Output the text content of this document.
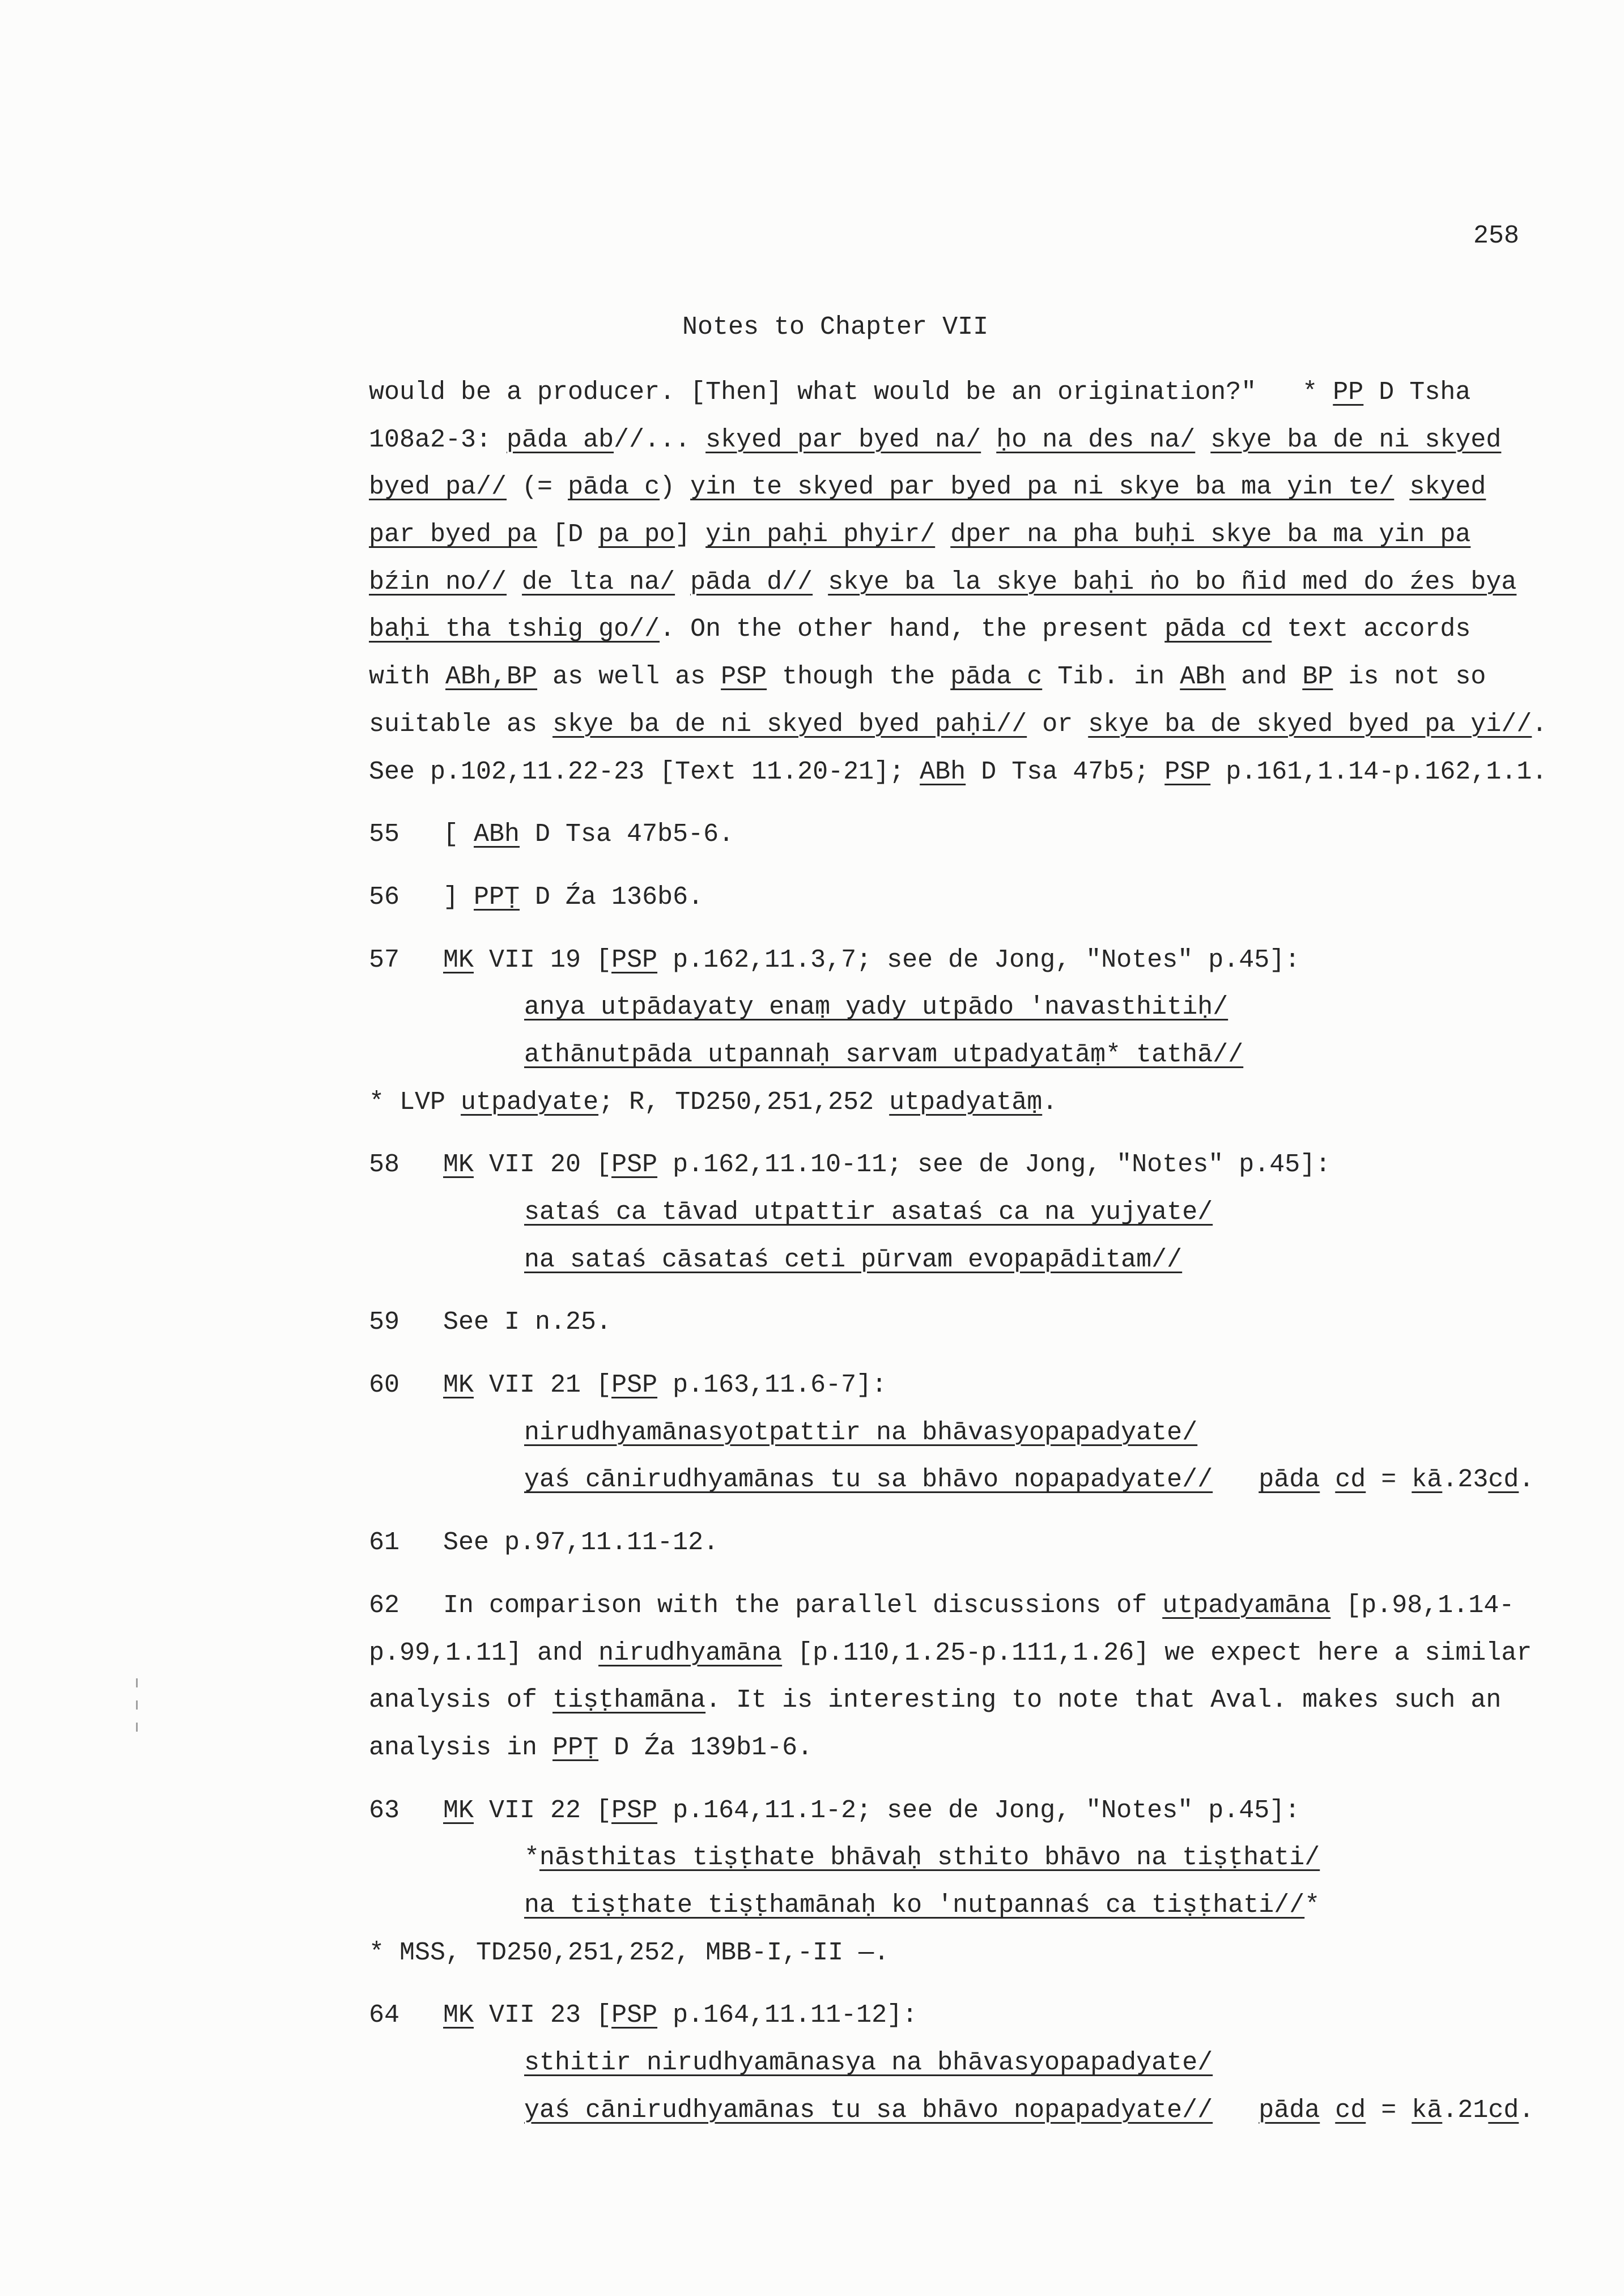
258
Notes to Chapter VII
would be a producer. [Then] what would be an origination?"   * PP D Tsha
108a2-3: pāda ab//... skyed par byed na/ ḥo na des na/ skye ba de ni skyed
byed pa// (= pāda c) yin te skyed par byed pa ni skye ba ma yin te/ skyed
par byed pa [D pa po] yin paḥi phyir/ dper na pha buḥi skye ba ma yin pa
bźin no// de lta na/ pāda d// skye ba la skye baḥi ṅo bo ñid med do źes bya
baḥi tha tshig go//. On the other hand, the present pāda cd text accords
with ABh,BP as well as PSP though the pāda c Tib. in ABh and BP is not so
suitable as skye ba de ni skyed byed paḥi// or skye ba de skyed byed pa yi//.
See p.102,11.22-23 [Text 11.20-21]; ABh D Tsa 47b5; PSP p.161,1.14-p.162,1.1.
55 [ ABh D Tsa 47b5-6.
56 ] PPṬ D Źa 136b6.
57 MK VII 19 [PSP p.162,11.3,7; see de Jong, "Notes" p.45]:
anya utpādayaty enaṃ yady utpādo 'navasthitiḥ/
athānutpāda utpannaḥ sarvam utpadyatāṃ* tathā//
* LVP utpadyate; R, TD250,251,252 utpadyatāṃ.
58 MK VII 20 [PSP p.162,11.10-11; see de Jong, "Notes" p.45]:
sataś ca tāvad utpattir asataś ca na yujyate/
na sataś cāsataś ceti pūrvam evopapāditam//
59 See I n.25.
60 MK VII 21 [PSP p.163,11.6-7]:
nirudhyamānasyotpattir na bhāvasyopapadyate/
yaś cānirudhyamānas tu sa bhāvo nopapadyate// pāda cd = kā.23cd.
61 See p.97,11.11-12.
62 In comparison with the parallel discussions of utpadyamāna [p.98,1.14-
p.99,1.11] and nirudhyamāna [p.110,1.25-p.111,1.26] we expect here a similar
analysis of tiṣṭhamāna. It is interesting to note that Aval. makes such an
analysis in PPṬ D Źa 139b1-6.
63 MK VII 22 [PSP p.164,11.1-2; see de Jong, "Notes" p.45]:
*nāsthitas tiṣṭhate bhāvaḥ sthito bhāvo na tiṣṭhati/
na tiṣṭhate tiṣṭhamānaḥ ko 'nutpannaś ca tiṣṭhati//*
* MSS, TD250,251,252, MBB-I,-II —.
64 MK VII 23 [PSP p.164,11.11-12]:
sthitir nirudhyamānasya na bhāvasyopapadyate/
yaś cānirudhyamānas tu sa bhāvo nopapadyate// pāda cd = kā.21cd.
